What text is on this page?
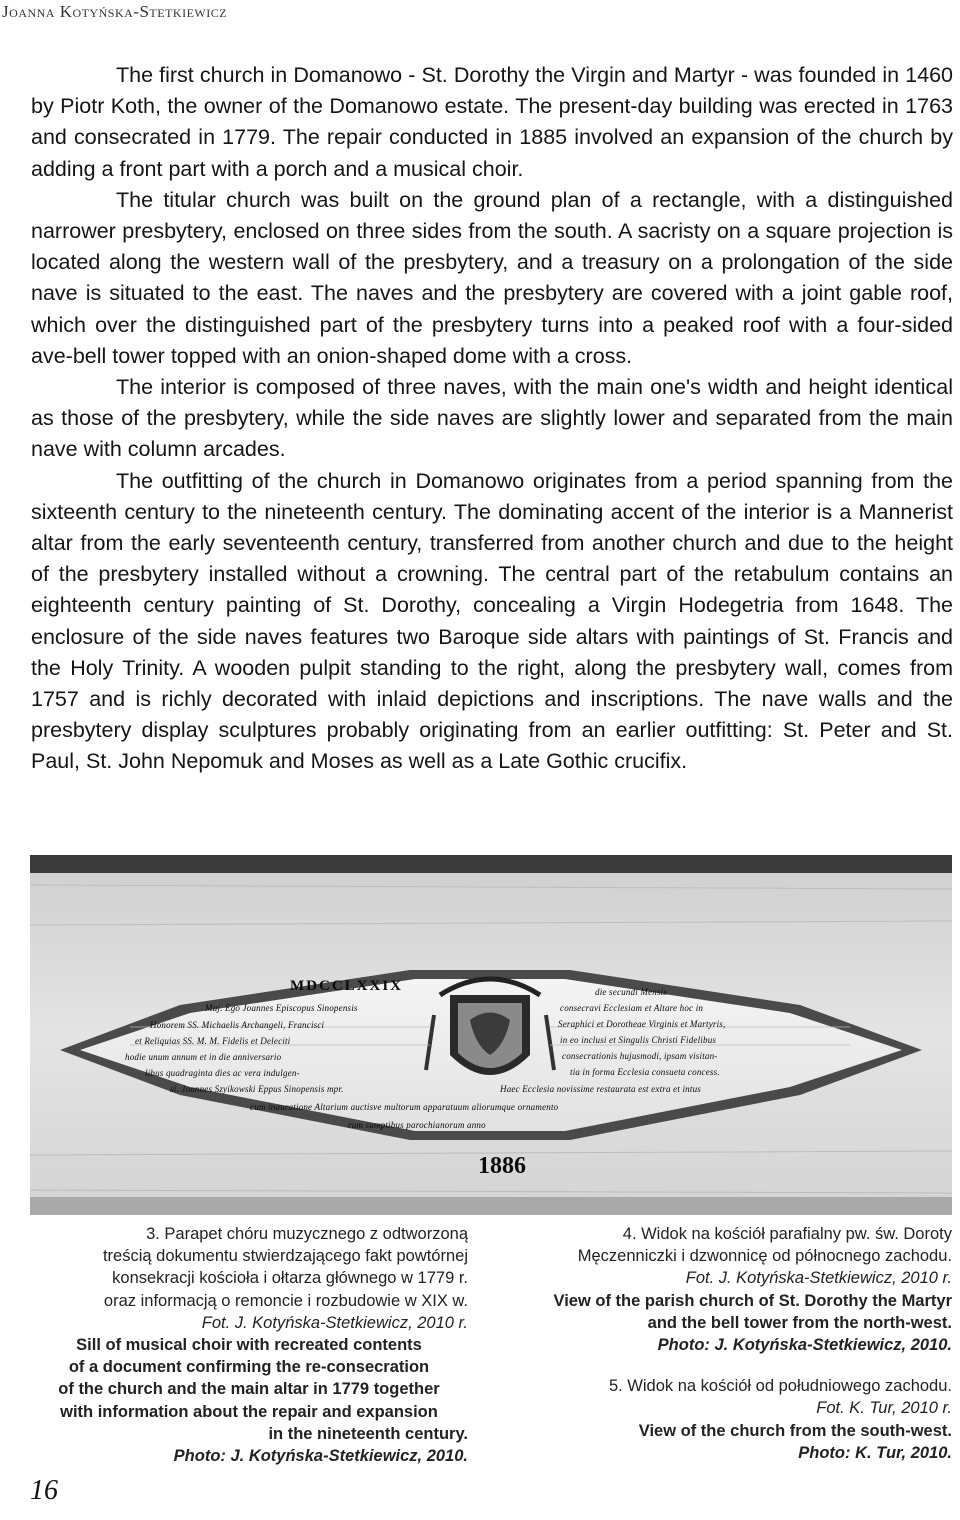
Joanna Kotyńska-Stetkiewicz

The first church in Domanowo - St. Dorothy the Virgin and Martyr - was founded in 1460 by Piotr Koth, the owner of the Domanowo estate. The present-day building was erected in 1763 and consecrated in 1779. The repair conducted in 1885 involved an expansion of the church by adding a front part with a porch and a musical choir.

The titular church was built on the ground plan of a rectangle, with a distinguished narrower presbytery, enclosed on three sides from the south. A sacristy on a square projection is located along the western wall of the presbytery, and a treasury on a prolongation of the side nave is situated to the east. The naves and the presbytery are covered with a joint gable roof, which over the distinguished part of the presbytery turns into a peaked roof with a four-sided ave-bell tower topped with an onion-shaped dome with a cross.

The interior is composed of three naves, with the main one's width and height identical as those of the presbytery, while the side naves are slightly lower and separated from the main nave with column arcades.

The outfitting of the church in Domanowo originates from a period spanning from the sixteenth century to the nineteenth century. The dominating accent of the interior is a Mannerist altar from the early seventeenth century, transferred from another church and due to the height of the presbytery installed without a crowning. The central part of the retabulum contains an eighteenth century painting of St. Dorothy, concealing a Virgin Hodegetria from 1648. The enclosure of the side naves features two Baroque side altars with paintings of St. Francis and the Holy Trinity. A wooden pulpit standing to the right, along the presbytery wall, comes from 1757 and is richly decorated with inlaid depictions and inscriptions. The nave walls and the presbytery display sculptures probably originating from an earlier outfitting: St. Peter and St. Paul, St. John Nepomuk and Moses as well as a Late Gothic crucifix.

MDCCLXXIX
Maj. Ego Joannes Episcopus Sinopensis
Honorem SS. Michaelis Archangeli, Francisci
et Reliquias SS. M. M. Fidelis et Deleciti
hodie unum annum et in die anniversario
libus quadraginta dies ac vera indulgen-
si. Joannes Szyikowski Eppus Sinopensis mpr.
die secundi Mensis
consecravi Ecclesiam et Altare hoc in
Seraphici et Dorotheae Virginis et Martyris,
in eo inclusi et Singulis Christi Fidelibus
consecrationis hujusmodi, ipsam visitan-
tia in forma Ecclesia consueta concess.
Haec Ecclesia novissime restaurata est extra et intus
cum inauratione Altarium auctisve multorum apparatuum aliorumque ornamento
rum sumptibus parochianorum anno
1886

3. Parapet chóru muzycznego z odtworzoną

treścią dokumentu stwierdzającego fakt powtórnej

konsekracji kościoła i ołtarza głównego w 1779 r.

oraz informacją o remoncie i rozbudowie w XIX w.

Fot. J. Kotyńska-Stetkiewicz, 2010 r.

Sill of musical choir with recreated contents

of a document confirming the re-consecration

of the church and the main altar in 1779 together

with information about the repair and expansion

in the nineteenth century.

Photo: J. Kotyńska-Stetkiewicz, 2010.

4. Widok na kościół parafialny pw. św. Doroty

Męczenniczki i dzwonnicę od północnego zachodu.

Fot. J. Kotyńska-Stetkiewicz, 2010 r.

View of the parish church of St. Dorothy the Martyr

and the bell tower from the north-west.

Photo: J. Kotyńska-Stetkiewicz, 2010.

5. Widok na kościół od południowego zachodu.

Fot. K. Tur, 2010 r.

View of the church from the south-west.

Photo: K. Tur, 2010.

16
